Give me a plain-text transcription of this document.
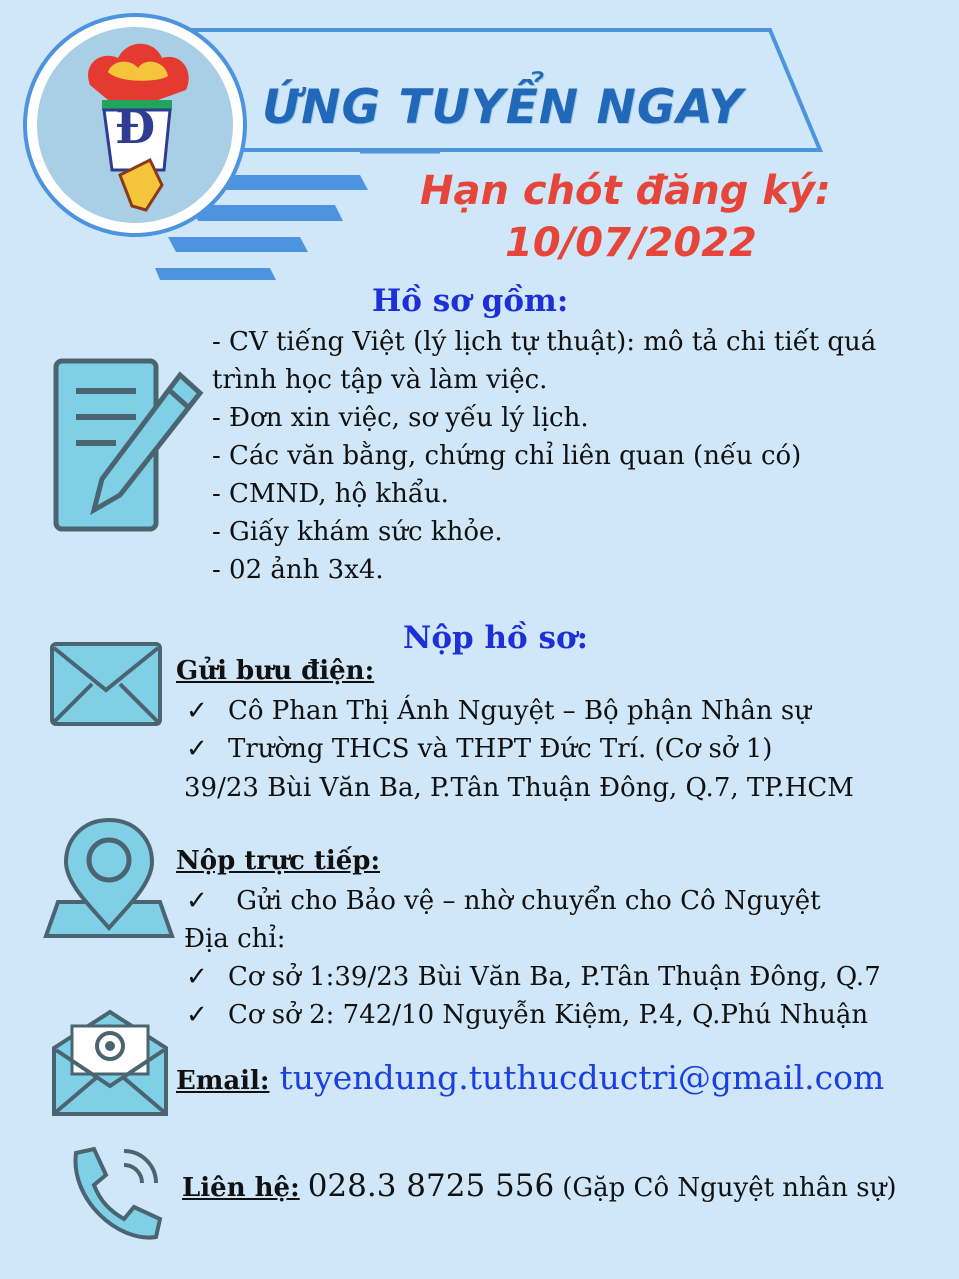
Đ ỨNG TUYỂN NGAY
Hạn chót đăng ký:
10/07/2022
Hồ sơ gồm:
- CV tiếng Việt (lý lịch tự thuật): mô tả chi tiết quá
trình học tập và làm việc.
- Đơn xin việc, sơ yếu lý lịch.
- Các văn bằng, chứng chỉ liên quan (nếu có)
- CMND, hộ khẩu.
- Giấy khám sức khỏe.
- 02 ảnh 3x4.
Nộp hồ sơ:
Gửi bưu điện:
✓ Cô Phan Thị Ánh Nguyệt – Bộ phận Nhân sự
✓ Trường THCS và THPT Đức Trí. (Cơ sở 1)
39/23 Bùi Văn Ba, P.Tân Thuận Đông, Q.7, TP.HCM
Nộp trực tiếp:
✓ Gửi cho Bảo vệ – nhờ chuyển cho Cô Nguyệt
Địa chỉ:
✓ Cơ sở 1:39/23 Bùi Văn Ba, P.Tân Thuận Đông, Q.7
✓ Cơ sở 2: 742/10 Nguyễn Kiệm, P.4, Q.Phú Nhuận
Email: tuyendung.tuthucductri@gmail.com
Liên hệ: 028.3 8725 556 (Gặp Cô Nguyệt nhân sự)
